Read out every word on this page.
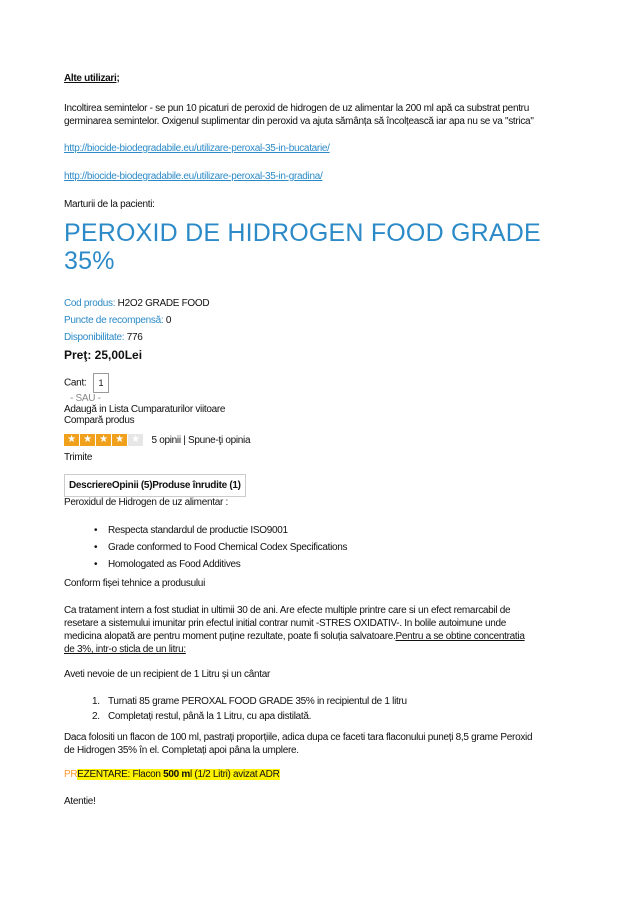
Alte utilizari;
Incoltirea semintelor - se pun 10 picaturi de peroxid de hidrogen de uz alimentar la 200 ml apă ca substrat pentru
germinarea semintelor. Oxigenul suplimentar din peroxid va ajuta sămânța să încolțească iar apa nu se va "strica"
http://biocide-biodegradabile.eu/utilizare-peroxal-35-in-bucatarie/
http://biocide-biodegradabile.eu/utilizare-peroxal-35-in-gradina/
Marturii de la pacienti:
PEROXID DE HIDROGEN FOOD GRADE
35%
Cod produs: H2O2 GRADE FOOD
Puncte de recompensă: 0
Disponibilitate: 776
Preţ: 25,00Lei
Cant: 1
- SAU -
Adaugă in Lista Cumparaturilor viitoare
Compară produs
★ ★ ★ ★ ★	5 opinii | Spune-ţi opinia
Trimite
DescriereOpinii (5)Produse înrudite (1)
Peroxidul de Hidrogen de uz alimentar :
• Respecta standardul de productie ISO9001
• Grade conformed to Food Chemical Codex Specifications
• Homologated as Food Additives
Conform fișei tehnice a produsului
Ca tratament intern a fost studiat in ultimii 30 de ani. Are efecte multiple printre care si un efect remarcabil de
resetare a sistemului imunitar prin efectul initial contrar numit -STRES OXIDATIV-. In bolile autoimune unde
medicina alopată are pentru moment puține rezultate, poate fi soluția salvatoare.Pentru a se obtine concentratia
de 3%, intr-o sticla de un litru:
Aveti nevoie de un recipient de 1 Litru și un cântar
1. Turnati 85 grame PEROXAL FOOD GRADE 35% in recipientul de 1 litru
2. Completați restul, până la 1 Litru, cu apa distilată.
Daca folositi un flacon de 100 ml, pastrați proporțiile, adica dupa ce faceti tara flaconului puneți 8,5 grame Peroxid
de Hidrogen 35% în el. Completați apoi pâna la umplere.
PREZENTARE: Flacon 500 ml (1/2 Litri) avizat ADR
Atentie!
